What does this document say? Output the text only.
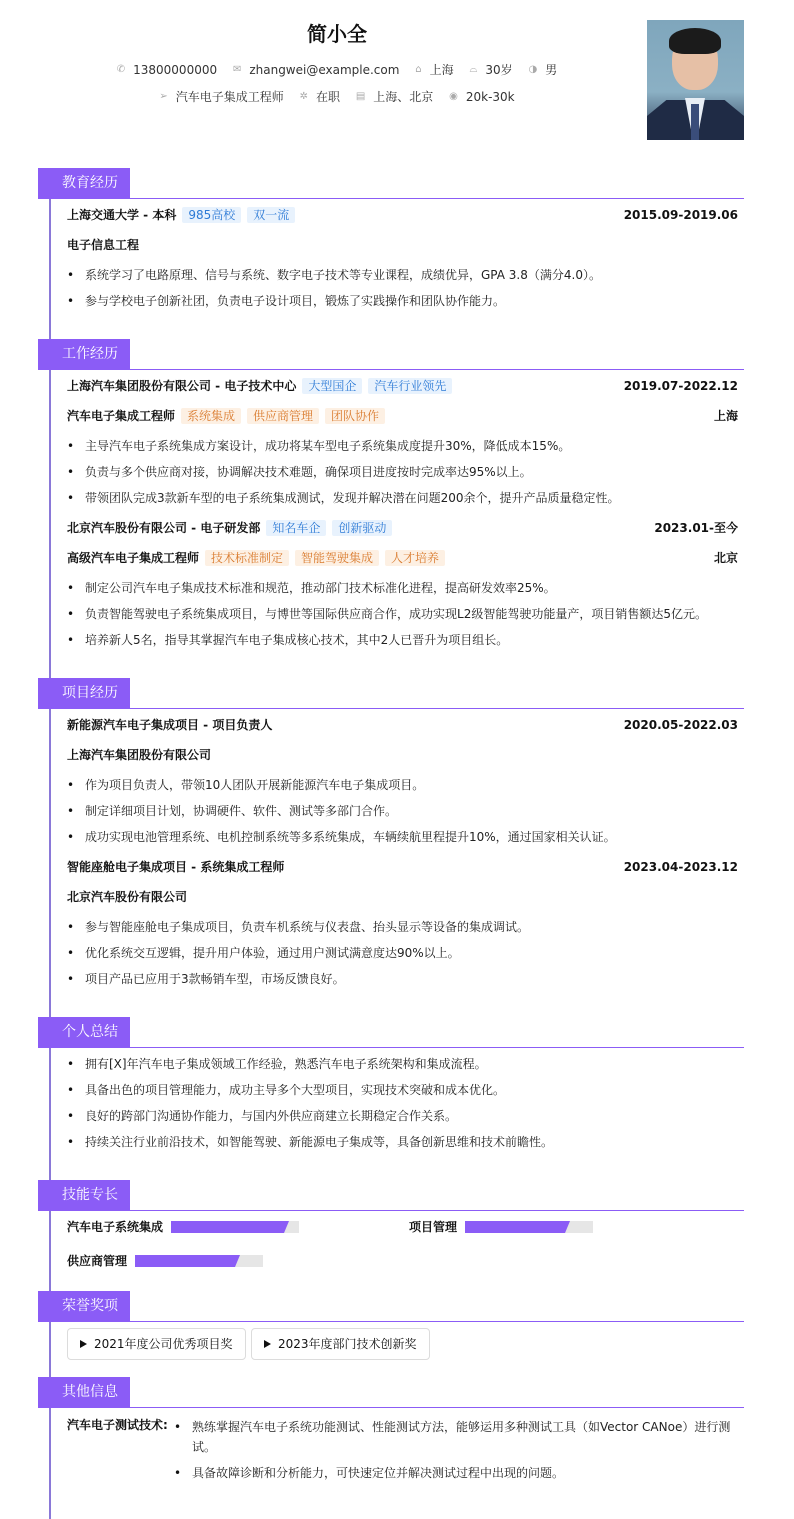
简小全
✆ 13800000000
✉ zhangwei@example.com
⌂ 上海
⌓ 30岁
◑ 男
➢ 汽车电子集成工程师
✲ 在职
▤ 上海、北京
◉ 20k-30k
教育经历
上海交通大学 - 本科 985高校 双一流	2015.09-2019.06
电子信息工程
• 系统学习了电路原理、信号与系统、数字电子技术等专业课程，成绩优异，GPA 3.8（满分4.0）。
• 参与学校电子创新社团，负责电子设计项目，锻炼了实践操作和团队协作能力。
工作经历
上海汽车集团股份有限公司 - 电子技术中心 大型国企 汽车行业领先	2019.07-2022.12
汽车电子集成工程师 系统集成 供应商管理 团队协作	上海
• 主导汽车电子系统集成方案设计，成功将某车型电子系统集成度提升30%，降低成本15%。
• 负责与多个供应商对接，协调解决技术难题，确保项目进度按时完成率达95%以上。
• 带领团队完成3款新车型的电子系统集成测试，发现并解决潜在问题200余个，提升产品质量稳定性。
北京汽车股份有限公司 - 电子研发部 知名车企 创新驱动	2023.01-至今
高级汽车电子集成工程师 技术标准制定 智能驾驶集成 人才培养	北京
• 制定公司汽车电子集成技术标准和规范，推动部门技术标准化进程，提高研发效率25%。
• 负责智能驾驶电子系统集成项目，与博世等国际供应商合作，成功实现L2级智能驾驶功能量产，项目销售额达5亿元。
• 培养新人5名，指导其掌握汽车电子集成核心技术，其中2人已晋升为项目组长。
项目经历
新能源汽车电子集成项目 - 项目负责人	2020.05-2022.03
上海汽车集团股份有限公司
• 作为项目负责人，带领10人团队开展新能源汽车电子集成项目。
• 制定详细项目计划，协调硬件、软件、测试等多部门合作。
• 成功实现电池管理系统、电机控制系统等多系统集成，车辆续航里程提升10%，通过国家相关认证。
智能座舱电子集成项目 - 系统集成工程师	2023.04-2023.12
北京汽车股份有限公司
• 参与智能座舱电子集成项目，负责车机系统与仪表盘、抬头显示等设备的集成调试。
• 优化系统交互逻辑，提升用户体验，通过用户测试满意度达90%以上。
• 项目产品已应用于3款畅销车型，市场反馈良好。
个人总结
• 拥有[X]年汽车电子集成领域工作经验，熟悉汽车电子系统架构和集成流程。
• 具备出色的项目管理能力，成功主导多个大型项目，实现技术突破和成本优化。
• 良好的跨部门沟通协作能力，与国内外供应商建立长期稳定合作关系。
• 持续关注行业前沿技术，如智能驾驶、新能源电子集成等，具备创新思维和技术前瞻性。
技能专长
汽车电子系统集成	项目管理
供应商管理
荣誉奖项
2021年度公司优秀项目奖	2023年度部门技术创新奖
其他信息
汽车电子测试技术:
•	熟练掌握汽车电子系统功能测试、性能测试方法，能够运用多种测试工具（如Vector CANoe）进行测试。
• 具备故障诊断和分析能力，可快速定位并解决测试过程中出现的问题。
